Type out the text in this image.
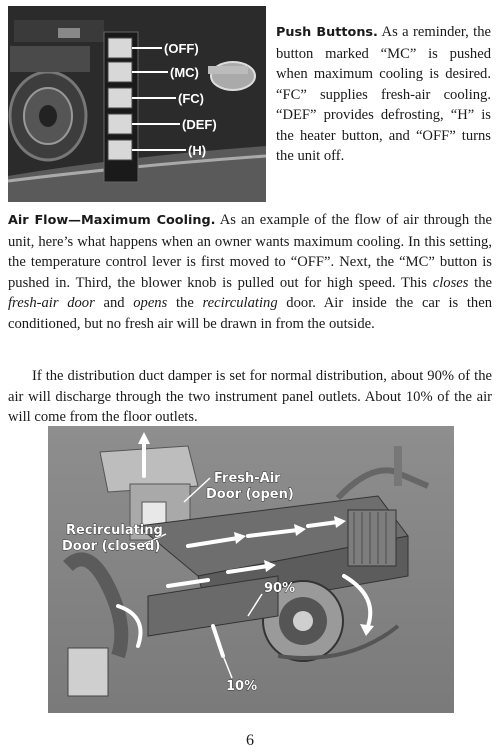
(OFF)
(MC)
(FC)
(DEF)
(H)
Push Buttons. As a reminder, the button marked “MC” is pushed when maximum cooling is desired. “FC” supplies fresh-air cooling. “DEF” provides defrosting, “H” is the heater button, and “OFF” turns the unit off.
Air Flow—Maximum Cooling. As an example of the flow of air through the unit, here’s what happens when an owner wants maximum cooling. In this setting, the temperature control lever is first moved to “OFF”. Next, the “MC” button is pushed in. Third, the blower knob is pulled out for high speed. This closes the fresh-air door and opens the recirculating door. Air inside the car is then conditioned, but no fresh air will be drawn in from the outside.
If the distribution duct damper is set for normal distribution, about 90% of the air will discharge through the two instrument panel outlets. About 10% of the air will come from the floor outlets.
Fresh-Air
Door (open)
Recirculating
Door (closed)
90%
10%
6
